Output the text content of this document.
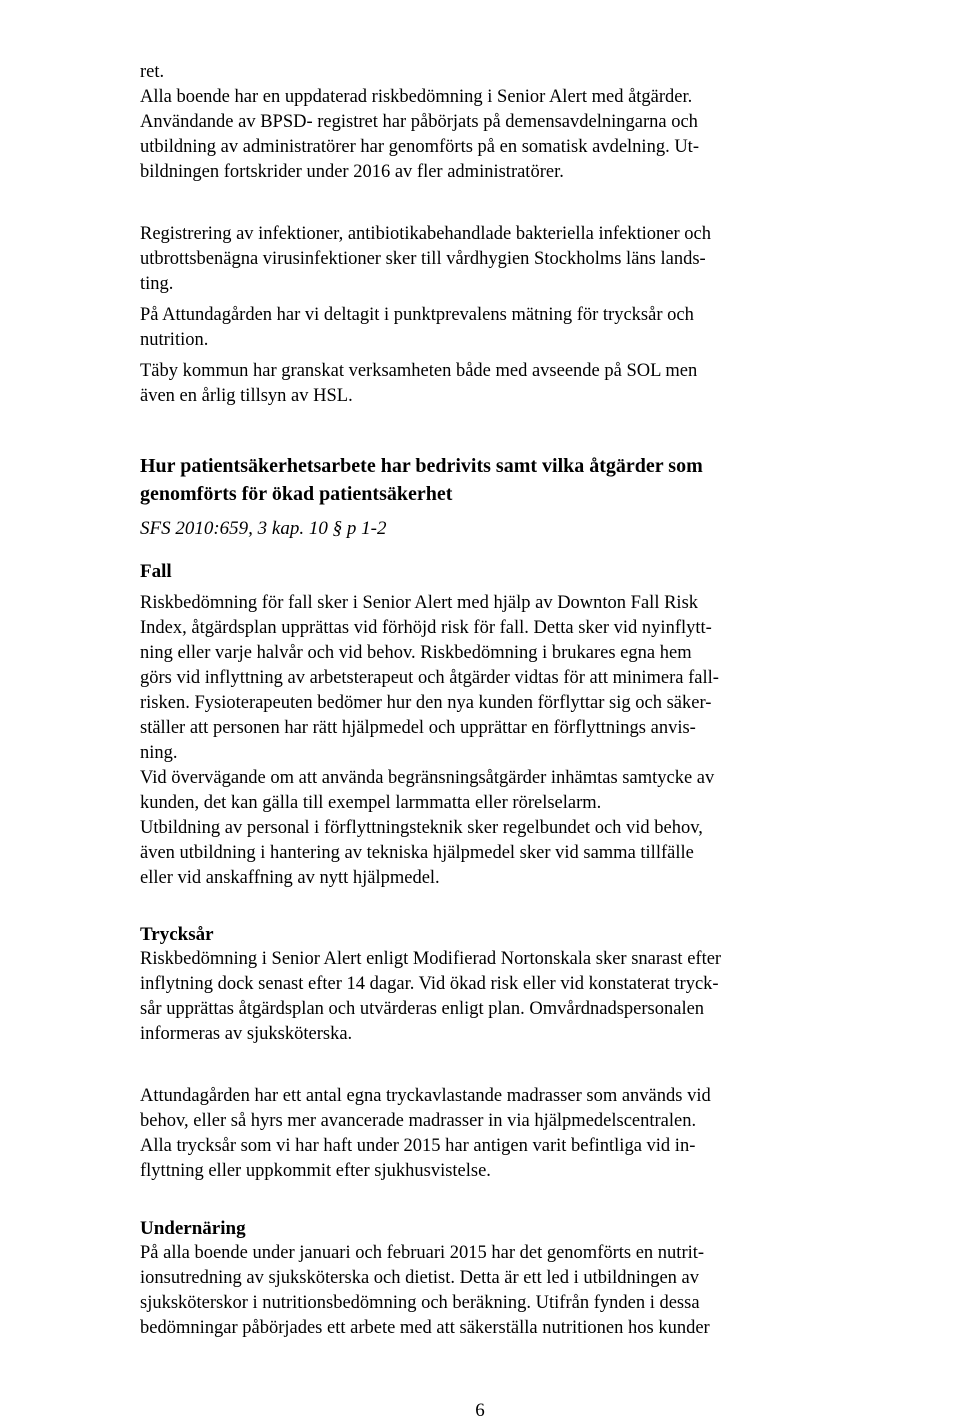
ret.
Alla boende har en uppdaterad riskbedömning i Senior Alert med åtgärder.
Användande av BPSD- registret har påbörjats på demensavdelningarna och
utbildning av administratörer har genomförts på en somatisk avdelning. Ut-
bildningen fortskrider under 2016 av fler administratörer.
Registrering av infektioner, antibiotikabehandlade bakteriella infektioner och
utbrottsbenägna virusinfektioner sker till vårdhygien Stockholms läns lands-
ting.
På Attundagården har vi deltagit i punktprevalens mätning för trycksår och
nutrition.
Täby kommun har granskat verksamheten både med avseende på SOL men
även en årlig tillsyn av HSL.
Hur patientsäkerhetsarbete har bedrivits samt vilka åtgärder som
genomförts för ökad patientsäkerhet
SFS 2010:659, 3 kap. 10 § p 1-2
Fall
Riskbedömning för fall sker i Senior Alert med hjälp av Downton Fall Risk
Index, åtgärdsplan upprättas vid förhöjd risk för fall. Detta sker vid nyinflytt-
ning eller varje halvår och vid behov. Riskbedömning i brukares egna hem
görs vid inflyttning av arbetsterapeut och åtgärder vidtas för att minimera fall-
risken. Fysioterapeuten bedömer hur den nya kunden förflyttar sig och säker-
ställer att personen har rätt hjälpmedel och upprättar en förflyttnings anvis-
ning.
Vid övervägande om att använda begränsningsåtgärder inhämtas samtycke av
kunden, det kan gälla till exempel larmmatta eller rörelselarm.
Utbildning av personal i förflyttningsteknik sker regelbundet och vid behov,
även utbildning i hantering av tekniska hjälpmedel sker vid samma tillfälle
eller vid anskaffning av nytt hjälpmedel.
Trycksår
Riskbedömning i Senior Alert enligt Modifierad Nortonskala sker snarast efter
inflytning dock senast efter 14 dagar. Vid ökad risk eller vid konstaterat tryck-
sår upprättas åtgärdsplan och utvärderas enligt plan. Omvårdnadspersonalen
informeras av sjuksköterska.
Attundagården har ett antal egna tryckavlastande madrasser som används vid
behov, eller så hyrs mer avancerade madrasser in via hjälpmedelscentralen.
Alla trycksår som vi har haft under 2015 har antigen varit befintliga vid in-
flyttning eller uppkommit efter sjukhusvistelse.
Undernäring
På alla boende under januari och februari 2015 har det genomförts en nutrit-
ionsutredning av sjuksköterska och dietist. Detta är ett led i utbildningen av
sjuksköterskor i nutritionsbedömning och beräkning. Utifrån fynden i dessa
bedömningar påbörjades ett arbete med att säkerställa nutritionen hos kunder
6
